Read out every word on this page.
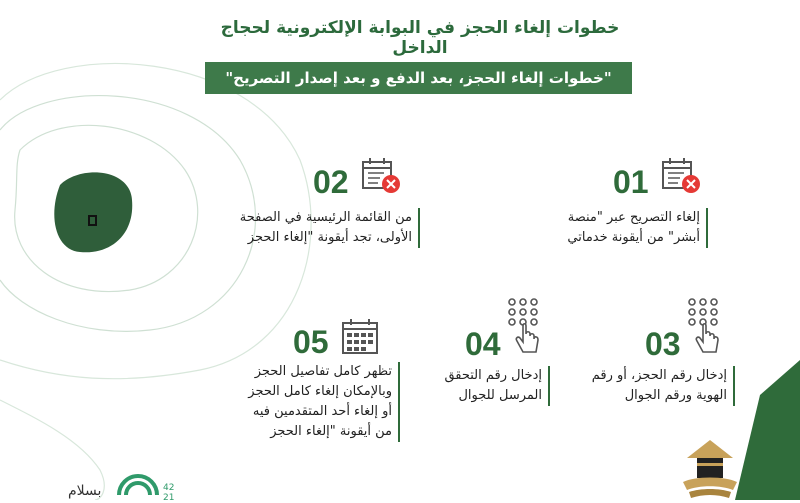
خطوات إلغاء الحجز في البوابة الإلكترونية لحجاج الداخل
"خطوات إلغاء الحجز، بعد الدفع و بعد إصدار التصريح"
01
إلغاء التصريح عبر "منصة
أبشر" من أيقونة خدماتي
02
من القائمة الرئيسية في الصفحة
الأولى، تجد أيقونة "إلغاء الحجز
03
إدخال رقم الحجز، أو رقم
الهوية ورقم الجوال
04
إدخال رقم التحقق
المرسل للجوال
05
تظهر كامل تفاصيل الحجز
وبالإمكان إلغاء كامل الحجز
أو إلغاء أحد المتقدمين فيه
من أيقونة "إلغاء الحجز
بسلام	42
21
